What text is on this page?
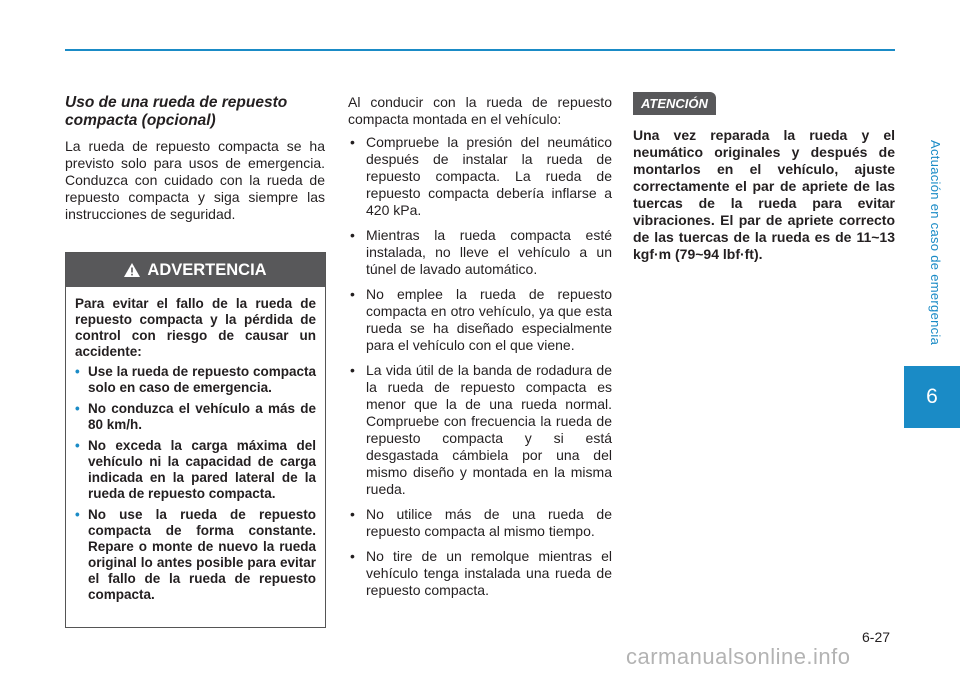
Actuación en caso de emergencia
6
Uso de una rueda de repuesto compacta (opcional)

La rueda de repuesto compacta se ha previsto solo para usos de emergencia. Conduzca con cuidado con la rueda de repuesto compacta y siga siempre las instrucciones de seguridad.

ADVERTENCIA

Para evitar el fallo de la rueda de repuesto compacta y la pérdida de control con riesgo de causar un accidente:

• Use la rueda de repuesto compacta solo en caso de emergencia.
• No conduzca el vehículo a más de 80 km/h.
• No exceda la carga máxima del vehículo ni la capacidad de carga indicada en la pared lateral de la rueda de repuesto compacta.
• No use la rueda de repuesto compacta de forma constante. Repare o monte de nuevo la rueda original lo antes posible para evitar el fallo de la rueda de repuesto compacta.

Al conducir con la rueda de repuesto compacta montada en el vehículo:

• Compruebe la presión del neumático después de instalar la rueda de repuesto compacta. La rueda de repuesto compacta debería inflarse a 420 kPa.
• Mientras la rueda compacta esté instalada, no lleve el vehículo a un túnel de lavado automático.
• No emplee la rueda de repuesto compacta en otro vehículo, ya que esta rueda se ha diseñado especialmente para el vehículo con el que viene.
• La vida útil de la banda de rodadura de la rueda de repuesto compacta es menor que la de una rueda normal. Compruebe con frecuencia la rueda de repuesto compacta y si está desgastada cámbiela por una del mismo diseño y montada en la misma rueda.
• No utilice más de una rueda de repuesto compacta al mismo tiempo.
• No tire de un remolque mientras el vehículo tenga instalada una rueda de repuesto compacta.
ATENCIÓN

Una vez reparada la rueda y el neumático originales y después de montarlos en el vehículo, ajuste correctamente el par de apriete de las tuercas de la rueda para evitar vibraciones. El par de apriete correcto de las tuercas de la rueda es de 11~13 kgf·m (79~94 lbf·ft).

6-27
carmanualsonline.info
